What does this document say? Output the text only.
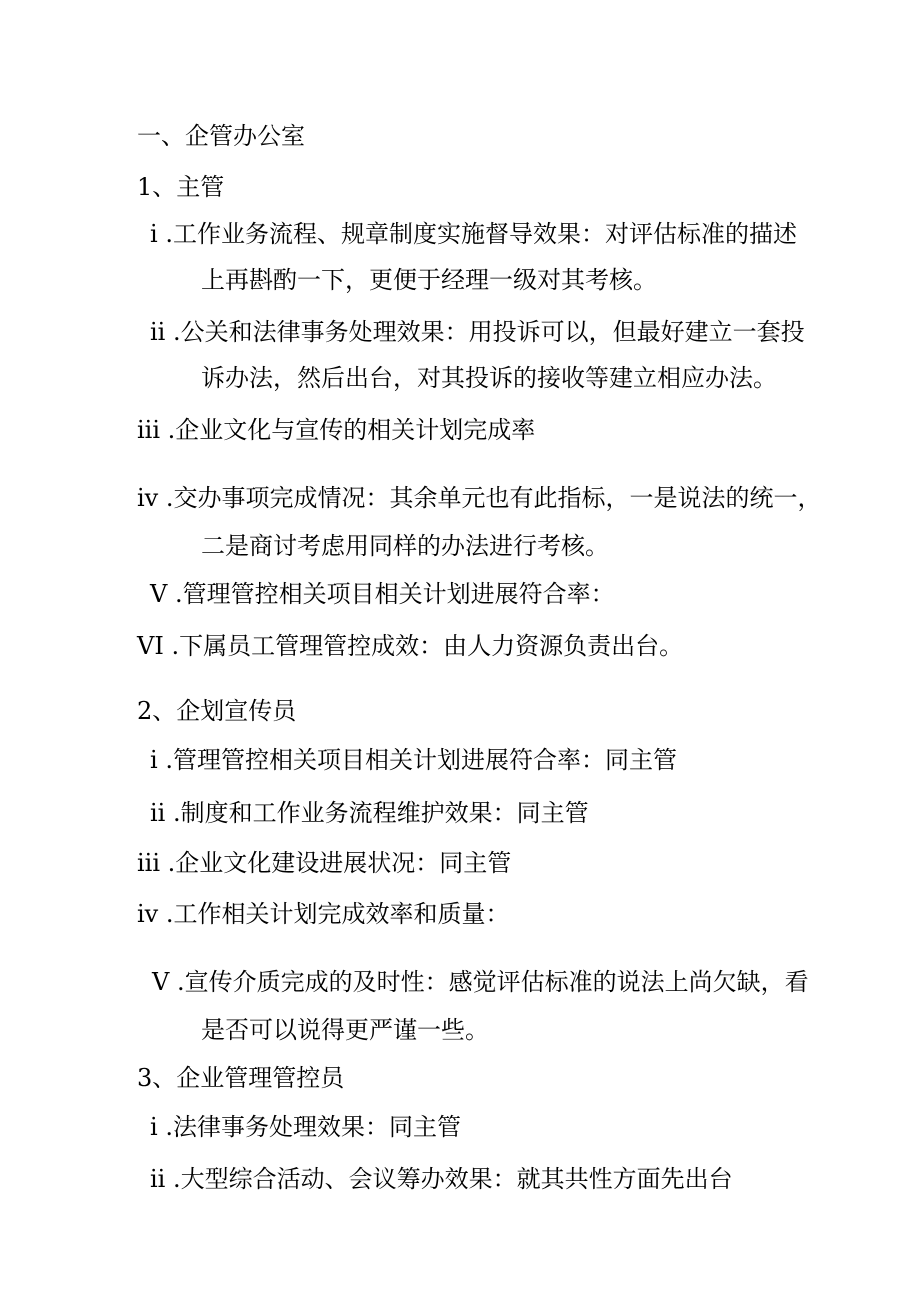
一、企管办公室
1、主管
i .工作业务流程、规章制度实施督导效果：对评估标准的描述
上再斟酌一下，更便于经理一级对其考核。
ii .公关和法律事务处理效果：用投诉可以，但最好建立一套投
诉办法，然后出台，对其投诉的接收等建立相应办法。
iii .企业文化与宣传的相关计划完成率
iv .交办事项完成情况：其余单元也有此指标，一是说法的统一，
二是商讨考虑用同样的办法进行考核。
V .管理管控相关项目相关计划进展符合率：
VI .下属员工管理管控成效：由人力资源负责出台。
2、企划宣传员
i .管理管控相关项目相关计划进展符合率：同主管
ii .制度和工作业务流程维护效果：同主管
iii .企业文化建设进展状况：同主管
iv .工作相关计划完成效率和质量：
V .宣传介质完成的及时性：感觉评估标准的说法上尚欠缺，看
是否可以说得更严谨一些。
3、企业管理管控员
i .法律事务处理效果：同主管
ii .大型综合活动、会议筹办效果：就其共性方面先出台
